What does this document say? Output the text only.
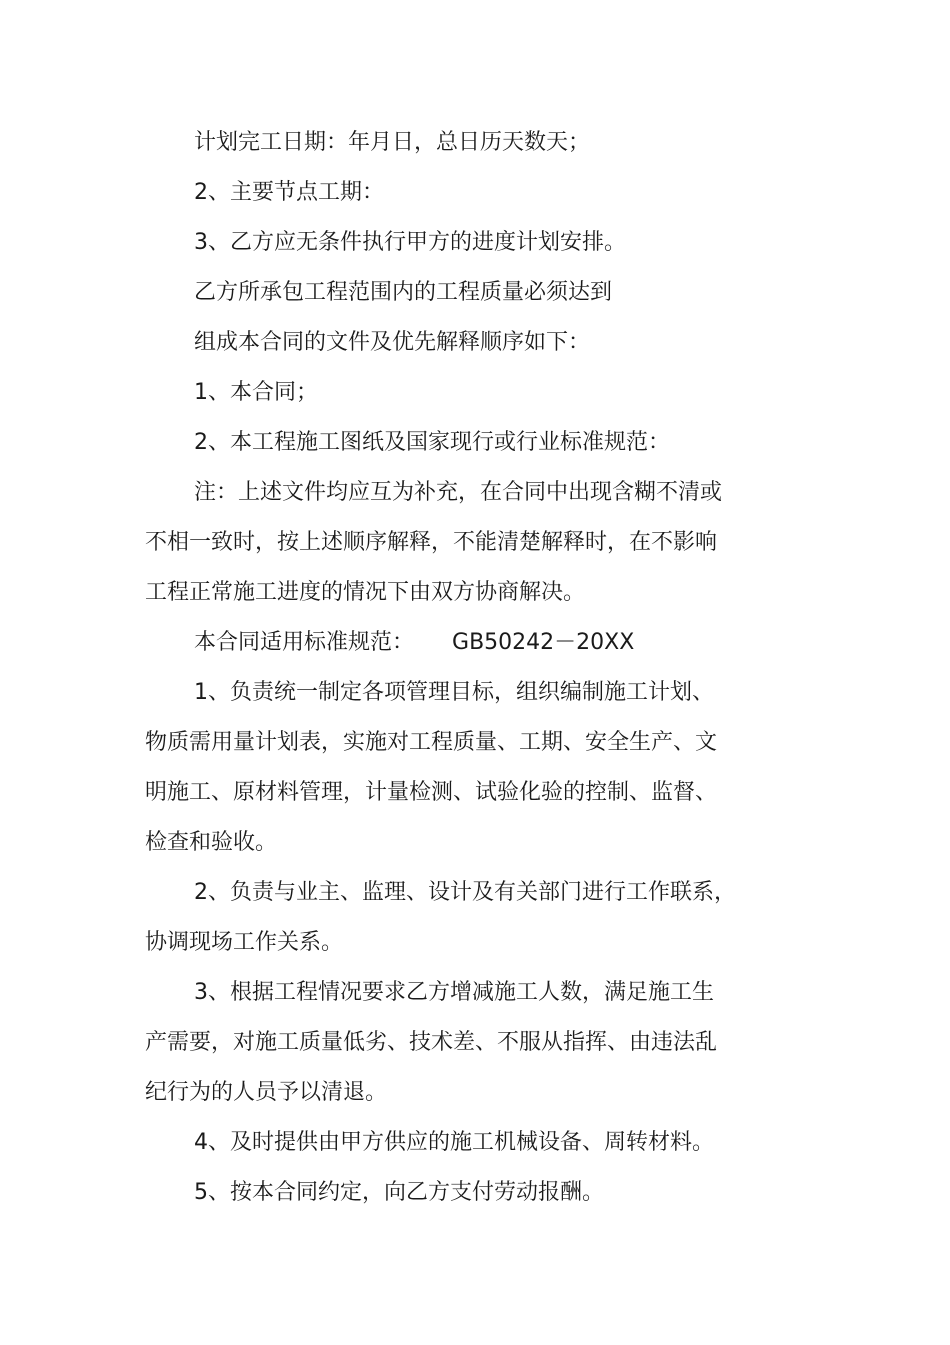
计划完工日期：年月日，总日历天数天；

2、主要节点工期：

3、乙方应无条件执行甲方的进度计划安排。

乙方所承包工程范围内的工程质量必须达到

组成本合同的文件及优先解释顺序如下：

1、本合同；

2、本工程施工图纸及国家现行或行业标准规范：

注：上述文件均应互为补充，在合同中出现含糊不清或

不相一致时，按上述顺序解释，不能清楚解释时，在不影响

工程正常施工进度的情况下由双方协商解决。

本合同适用标准规范： GB50242－20XX

1、负责统一制定各项管理目标，组织编制施工计划、

物质需用量计划表，实施对工程质量、工期、安全生产、文

明施工、原材料管理，计量检测、试验化验的控制、监督、

检查和验收。

2、负责与业主、监理、设计及有关部门进行工作联系，

协调现场工作关系。

3、根据工程情况要求乙方增减施工人数，满足施工生

产需要，对施工质量低劣、技术差、不服从指挥、由违法乱

纪行为的人员予以清退。

4、及时提供由甲方供应的施工机械设备、周转材料。

5、按本合同约定，向乙方支付劳动报酬。
